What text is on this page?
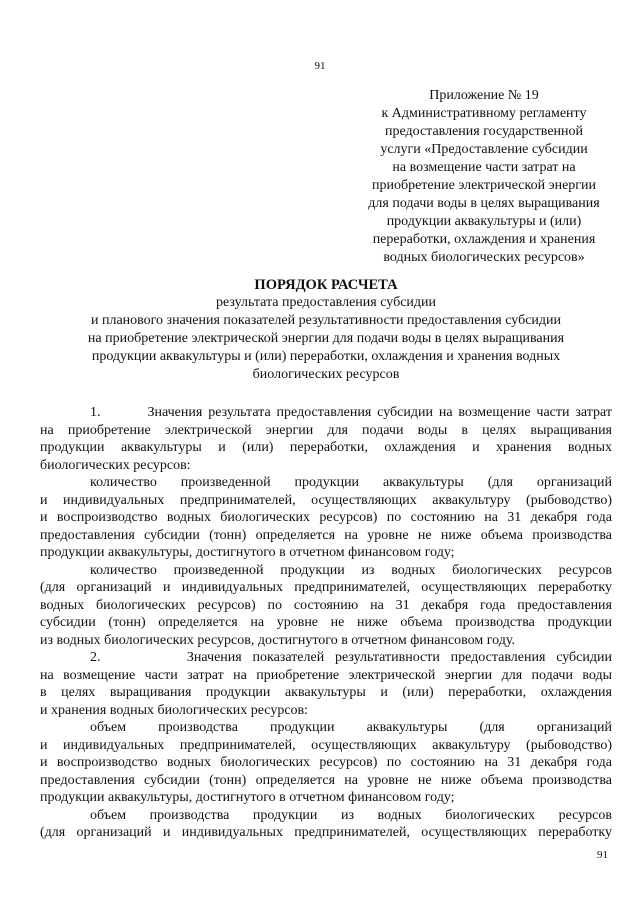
91
Приложение № 19
к Административному регламенту
предоставления государственной
услуги «Предоставление субсидии
на возмещение части затрат на
приобретение электрической энергии
для подачи воды в целях выращивания
продукции аквакультуры и (или)
переработки, охлаждения и хранения
водных биологических ресурсов»
ПОРЯДОК РАСЧЕТА
результата предоставления субсидии
и планового значения показателей результативности предоставления субсидии
на приобретение электрической энергии для подачи воды в целях выращивания
продукции аквакультуры и (или) переработки, охлаждения и хранения водных
биологических ресурсов
1.        Значения результата предоставления субсидии на возмещение части затрат
на приобретение электрической энергии для подачи воды в целях выращивания
продукции аквакультуры и (или) переработки, охлаждения и хранения водных
биологических ресурсов:
количество произведенной продукции аквакультуры (для организаций
и индивидуальных предпринимателей, осуществляющих аквакультуру (рыбоводство)
и воспроизводство водных биологических ресурсов) по состоянию на 31 декабря года
предоставления субсидии (тонн) определяется на уровне не ниже объема производства
продукции аквакультуры, достигнутого в отчетном финансовом году;
количество произведенной продукции из водных биологических ресурсов
(для организаций и индивидуальных предпринимателей, осуществляющих переработку
водных биологических ресурсов) по состоянию на 31 декабря года предоставления
субсидии (тонн) определяется на уровне не ниже объема производства продукции
из водных биологических ресурсов, достигнутого в отчетном финансовом году.
2.        Значения показателей результативности предоставления субсидии
на возмещение части затрат на приобретение электрической энергии для подачи воды
в целях выращивания продукции аквакультуры и (или) переработки, охлаждения
и хранения водных биологических ресурсов:
объем производства продукции аквакультуры (для организаций
и индивидуальных предпринимателей, осуществляющих аквакультуру (рыбоводство)
и воспроизводство водных биологических ресурсов) по состоянию на 31 декабря года
предоставления субсидии (тонн) определяется на уровне не ниже объема производства
продукции аквакультуры, достигнутого в отчетном финансовом году;
объем производства продукции из водных биологических ресурсов
(для организаций и индивидуальных предпринимателей, осуществляющих переработку
91
